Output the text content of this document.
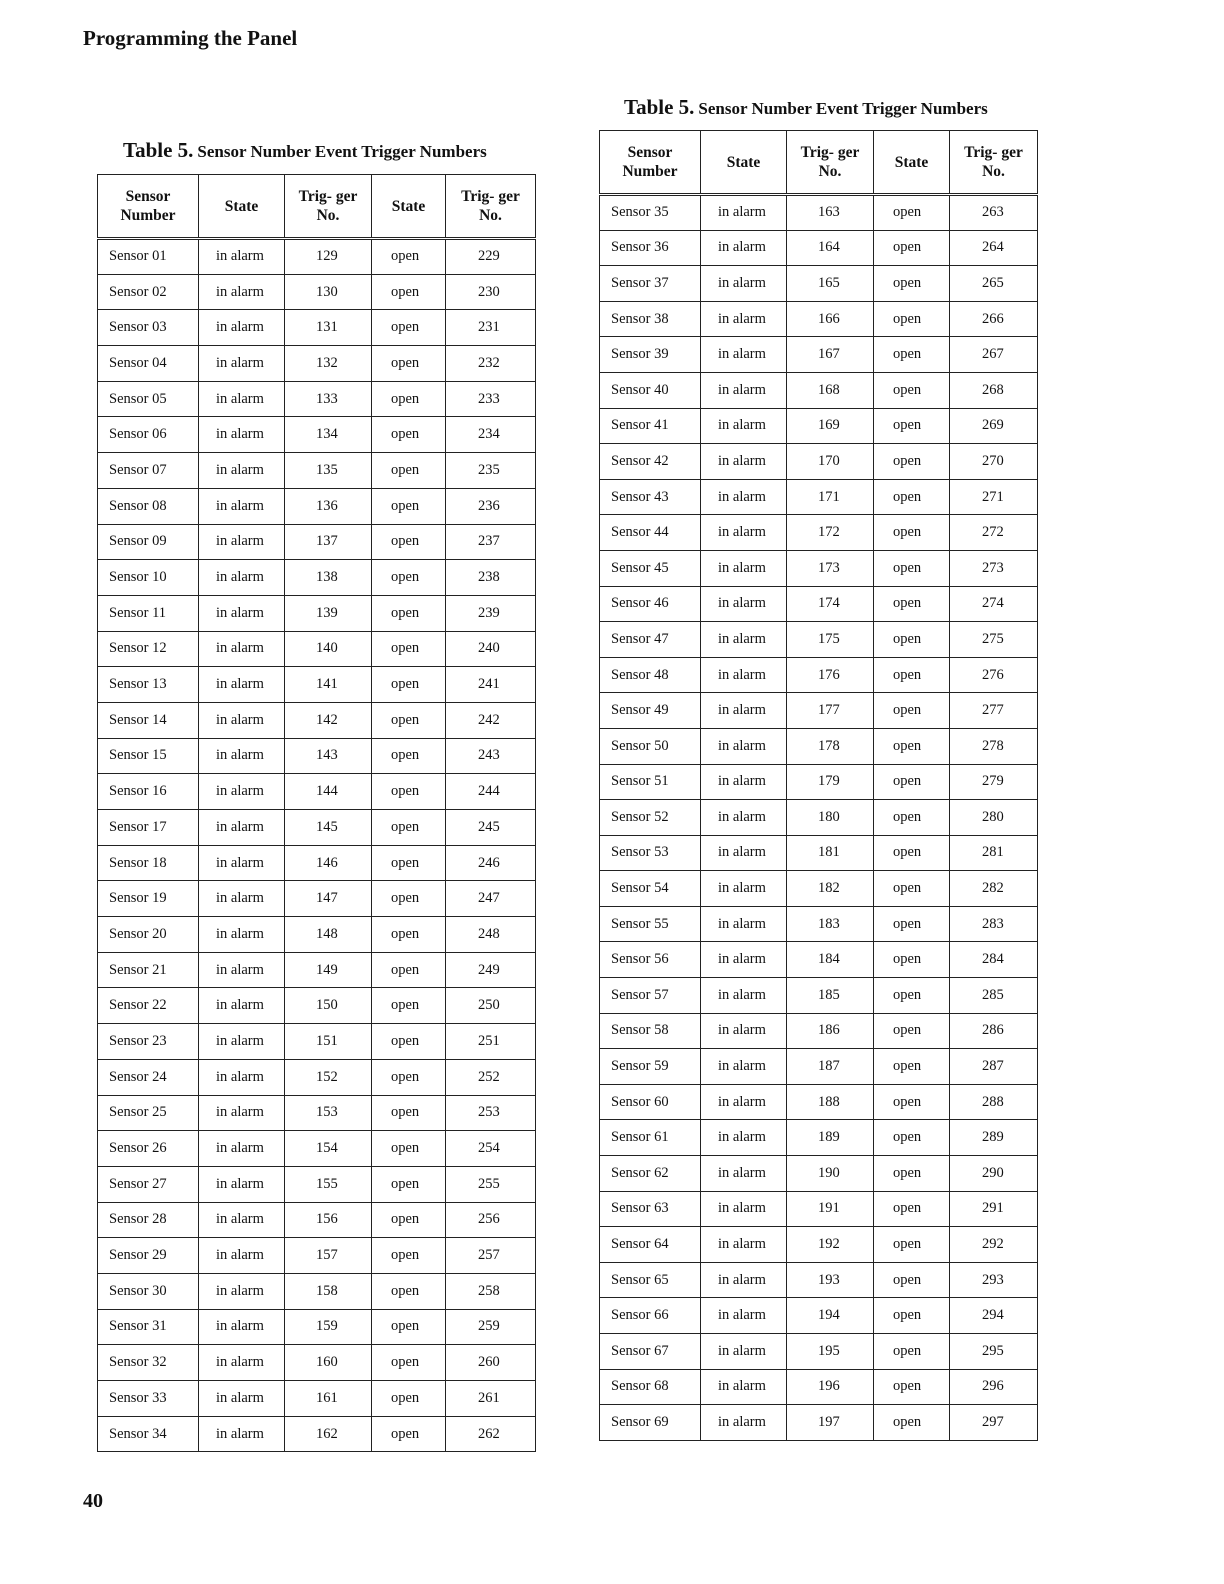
Programming the Panel
Table 5. Sensor Number Event Trigger Numbers
Sensor Number	State	Trig- ger No.	State	Trig- ger No.
Sensor 01	in alarm	129	open	229
Sensor 02	in alarm	130	open	230
Sensor 03	in alarm	131	open	231
Sensor 04	in alarm	132	open	232
Sensor 05	in alarm	133	open	233
Sensor 06	in alarm	134	open	234
Sensor 07	in alarm	135	open	235
Sensor 08	in alarm	136	open	236
Sensor 09	in alarm	137	open	237
Sensor 10	in alarm	138	open	238
Sensor 11	in alarm	139	open	239
Sensor 12	in alarm	140	open	240
Sensor 13	in alarm	141	open	241
Sensor 14	in alarm	142	open	242
Sensor 15	in alarm	143	open	243
Sensor 16	in alarm	144	open	244
Sensor 17	in alarm	145	open	245
Sensor 18	in alarm	146	open	246
Sensor 19	in alarm	147	open	247
Sensor 20	in alarm	148	open	248
Sensor 21	in alarm	149	open	249
Sensor 22	in alarm	150	open	250
Sensor 23	in alarm	151	open	251
Sensor 24	in alarm	152	open	252
Sensor 25	in alarm	153	open	253
Sensor 26	in alarm	154	open	254
Sensor 27	in alarm	155	open	255
Sensor 28	in alarm	156	open	256
Sensor 29	in alarm	157	open	257
Sensor 30	in alarm	158	open	258
Sensor 31	in alarm	159	open	259
Sensor 32	in alarm	160	open	260
Sensor 33	in alarm	161	open	261
Sensor 34	in alarm	162	open	262
Table 5. Sensor Number Event Trigger Numbers
Sensor Number	State	Trig- ger No.	State	Trig- ger No.
Sensor 35	in alarm	163	open	263
Sensor 36	in alarm	164	open	264
Sensor 37	in alarm	165	open	265
Sensor 38	in alarm	166	open	266
Sensor 39	in alarm	167	open	267
Sensor 40	in alarm	168	open	268
Sensor 41	in alarm	169	open	269
Sensor 42	in alarm	170	open	270
Sensor 43	in alarm	171	open	271
Sensor 44	in alarm	172	open	272
Sensor 45	in alarm	173	open	273
Sensor 46	in alarm	174	open	274
Sensor 47	in alarm	175	open	275
Sensor 48	in alarm	176	open	276
Sensor 49	in alarm	177	open	277
Sensor 50	in alarm	178	open	278
Sensor 51	in alarm	179	open	279
Sensor 52	in alarm	180	open	280
Sensor 53	in alarm	181	open	281
Sensor 54	in alarm	182	open	282
Sensor 55	in alarm	183	open	283
Sensor 56	in alarm	184	open	284
Sensor 57	in alarm	185	open	285
Sensor 58	in alarm	186	open	286
Sensor 59	in alarm	187	open	287
Sensor 60	in alarm	188	open	288
Sensor 61	in alarm	189	open	289
Sensor 62	in alarm	190	open	290
Sensor 63	in alarm	191	open	291
Sensor 64	in alarm	192	open	292
Sensor 65	in alarm	193	open	293
Sensor 66	in alarm	194	open	294
Sensor 67	in alarm	195	open	295
Sensor 68	in alarm	196	open	296
Sensor 69	in alarm	197	open	297
40
